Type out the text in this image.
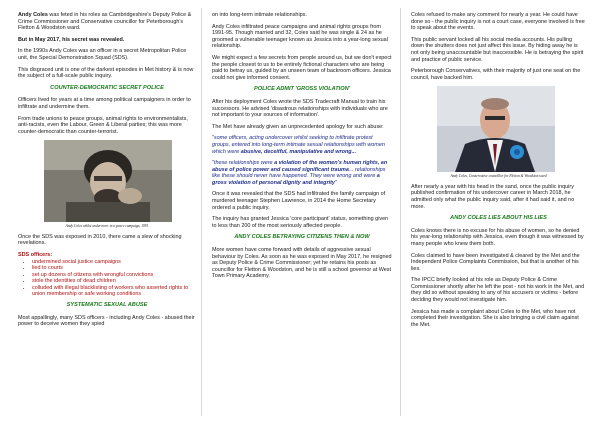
Andy Coles was feted in his roles as Cambridgeshire's Deputy Police & Crime Commissioner and Conservative councillor for Peterborough's Fletton & Woodston ward.

But in May 2017, his secret was revealed.

In the 1990s Andy Coles was an officer in a secret Metropolitan Police unit, the Special Demonstration Squad (SDS).

This disgraced unit is one of the darkest episodes in Met history & is now the subject of a full-scale public inquiry.

COUNTER-DEMOCRATIC SECRET POLICE

Officers lived for years at a time among political campaigners in order to infiltrate and undermine them.

From trade unions to peace groups, animal rights to environmentalists, anti-racists, even the Labour, Green & Liberal parties; this was more counter-democratic than counter-terrorist.

Andy Coles whilst undercover in a peace campaign, 1991

Once the SDS was exposed in 2010, there came a slew of shocking revelations.

SDS officers:
• undermined social justice campaigns
• lied to courts
• set up dozens of citizens with wrongful convictions
• stole the identities of dead children
• colluded with illegal blacklisting of workers who asserted rights to union membership or safe working conditions
SYSTEMATIC SEXUAL ABUSE

Most appallingly, many SDS officers - including Andy Coles - abused their power to deceive women they spied

on into long-term intimate relationships.

Andy Coles infiltrated peace campaigns and animal rights groups from 1991-95. Though married and 32, Coles said he was single & 24 as he groomed a vulnerable teenager known as Jessica into a year-long sexual relationship.

We might expect a few secrets from people around us, but we don't expect the people closest to us to be entirely fictional characters who are being paid to betray us, guided by an unseen team of backroom officers. Jessica could not give informed consent.

POLICE ADMIT 'GROSS VIOLATION'

After his deployment Coles wrote the SDS Tradecraft Manual to train his successors. He advised 'disastrous relationships with individuals who are not important to your sources of information'.

The Met have already given an unprecedented apology for such abuse:

"some officers, acting undercover whilst seeking to infiltrate protest groups, entered into long-term intimate sexual relationships with women which were abusive, deceitful, manipulative and wrong...

"these relationships were a violation of the women's human rights, an abuse of police power and caused significant trauma... relationships like these should never have happened. They were wrong and were a gross violation of personal dignity and integrity"

Once it was revealed that the SDS had infiltrated the family campaign of murdered teenager Stephen Lawrence, in 2014 the Home Secretary ordered a public inquiry.

The inquiry has granted Jessica 'core participant' status, something given to less than 200 of the most seriously affected people.

ANDY COLES BETRAYING CITIZENS THEN & NOW

More women have come forward with details of aggressive sexual behaviour by Coles. As soon as he was exposed in May 2017, he resigned as Deputy Police & Crime Commissioner; yet he retains his posts as councillor for Fletton & Woodston, and he is still a school governor at West Town Primary Academy.

Coles refused to make any comment for nearly a year. He could have done so - the public inquiry is not a court case, everyone involved is free to speak about the events.

This public servant locked all his social media accounts. His pulling down the shutters does not just affect this issue. By hiding away he is not only being unaccountable but inaccessible. He is betraying the spirit and practice of public service.

Peterborough Conservatives, with their majority of just one seat on the council, have backed him.

Andy Coles, Conservative councillor for Fletton & Woodston ward

After nearly a year with his head in the sand, once the public inquiry published confirmation of his undercover career in March 2018, he admitted only what the public inquiry said, after it had said it, and no more.

ANDY COLES LIES ABOUT HIS LIES

Coles knows there is no excuse for his abuse of women, so he denied his year-long relationship with Jessica, even though it was witnessed by many people who knew them both.

Coles claimed to have been investigated & cleared by the Met and the Independent Police Complaints Commission, but that is another of his lies.

The IPCC briefly looked at his role as Deputy Police & Crime Commissioner shortly after he left the post - not his work in the Met, and they did so without speaking to any of his accusers or victims - before deciding they would not investigate him.

Jessica has made a complaint about Coles to the Met, who have not completed their investigation. She is also bringing a civil claim against the Met.
